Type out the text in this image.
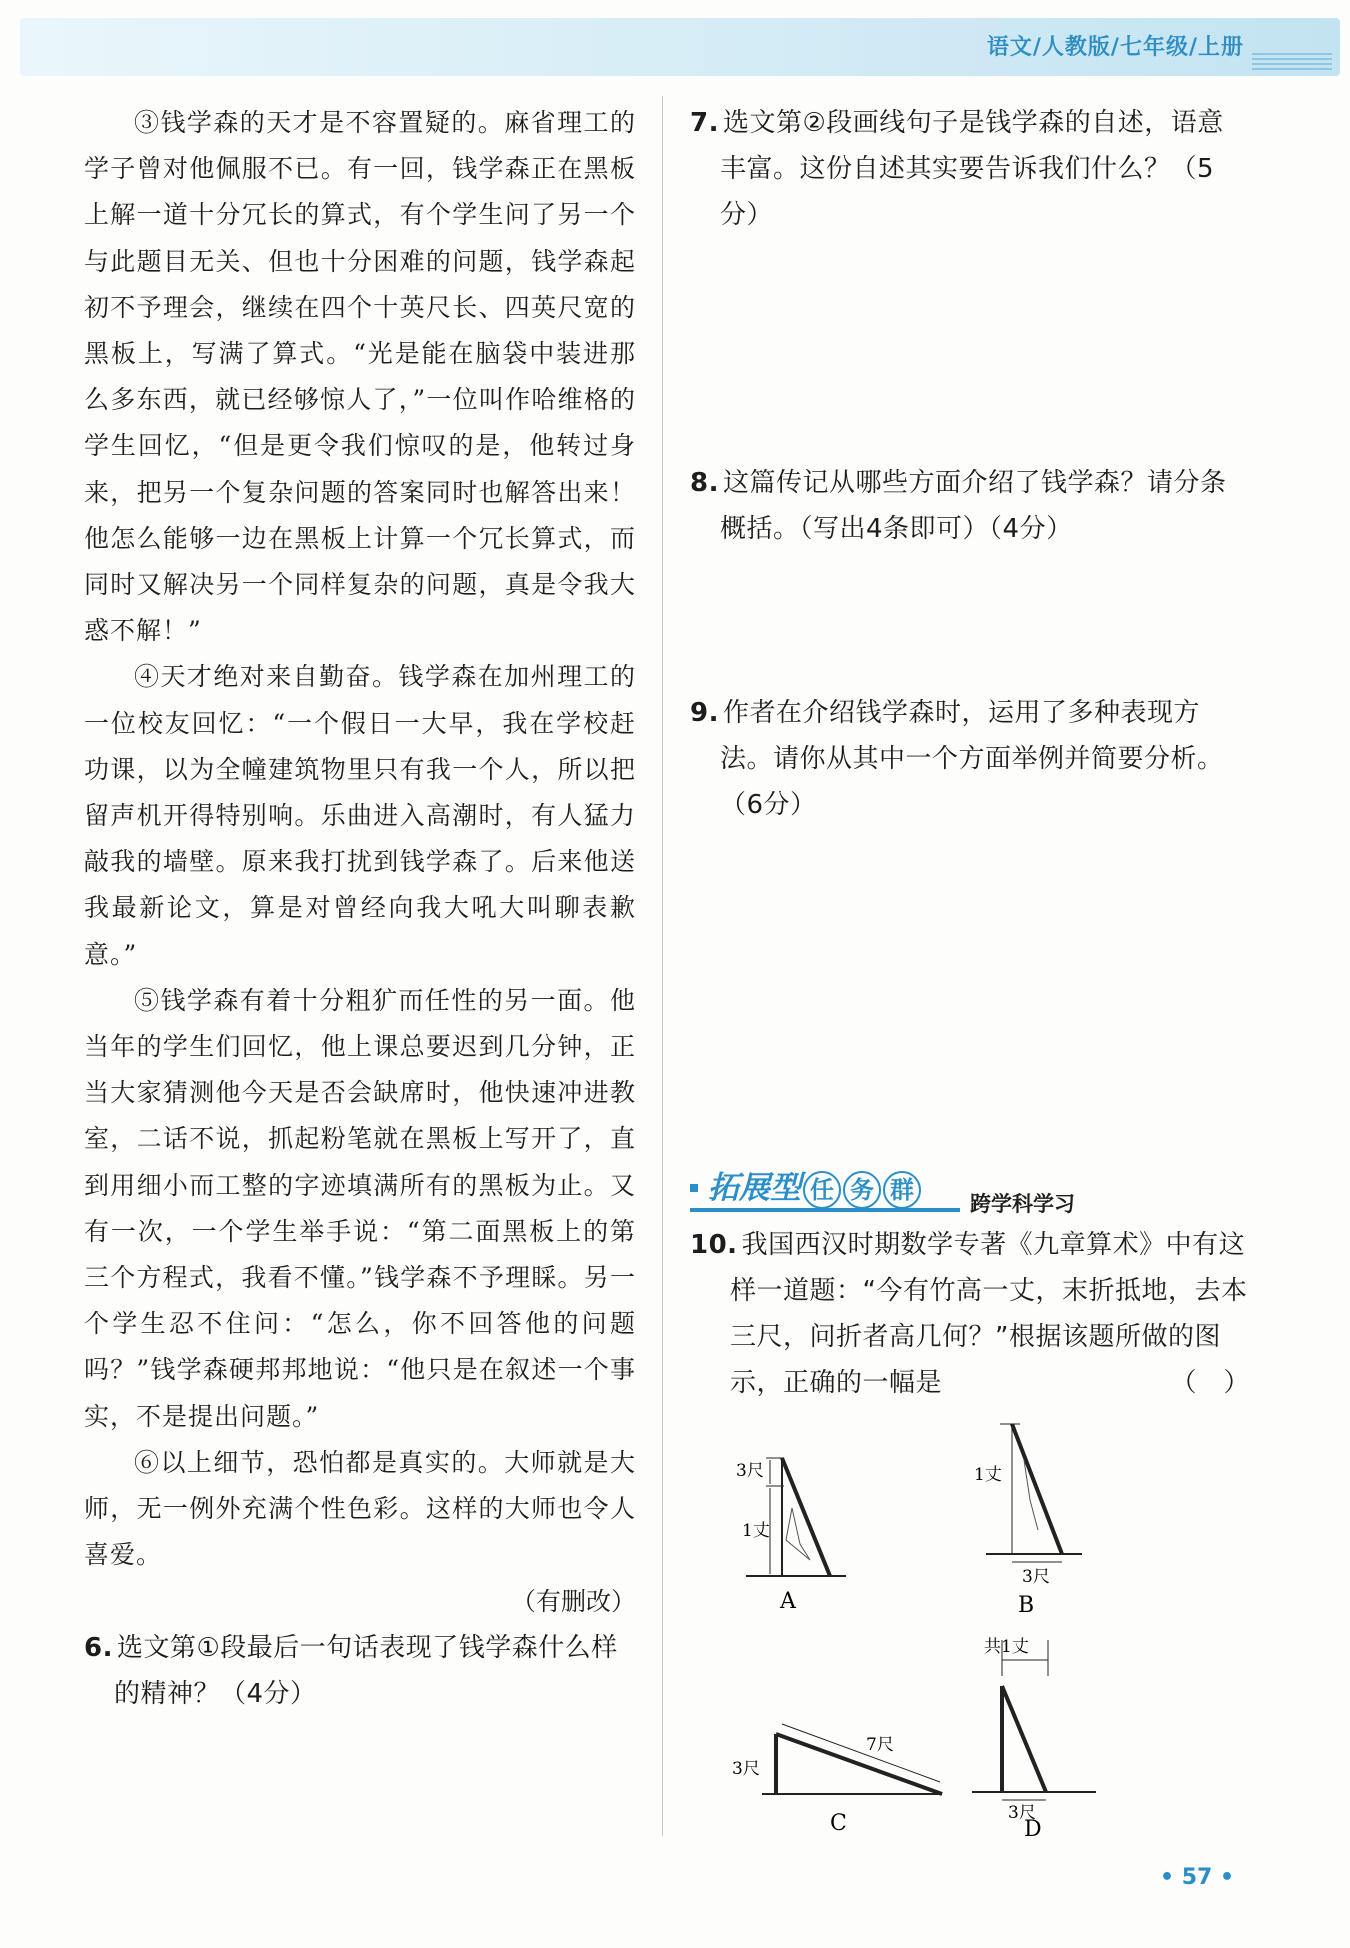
语文/人教版/七年级/上册

③钱学森的天才是不容置疑的。麻省理工的学子曾对他佩服不已。有一回，钱学森正在黑板上解一道十分冗长的算式，有个学生问了另一个与此题目无关、但也十分困难的问题，钱学森起初不予理会，继续在四个十英尺长、四英尺宽的黑板上，写满了算式。“光是能在脑袋中装进那么多东西，就已经够惊人了，”一位叫作哈维格的学生回忆，“但是更令我们惊叹的是，他转过身来，把另一个复杂问题的答案同时也解答出来！他怎么能够一边在黑板上计算一个冗长算式，而同时又解决另一个同样复杂的问题，真是令我大惑不解！”

④天才绝对来自勤奋。钱学森在加州理工的一位校友回忆：“一个假日一大早，我在学校赶功课，以为全幢建筑物里只有我一个人，所以把留声机开得特别响。乐曲进入高潮时，有人猛力敲我的墙壁。原来我打扰到钱学森了。后来他送我最新论文，算是对曾经向我大吼大叫聊表歉意。”

⑤钱学森有着十分粗犷而任性的另一面。他当年的学生们回忆，他上课总要迟到几分钟，正当大家猜测他今天是否会缺席时，他快速冲进教室，二话不说，抓起粉笔就在黑板上写开了，直到用细小而工整的字迹填满所有的黑板为止。又有一次，一个学生举手说：“第二面黑板上的第三个方程式，我看不懂。”钱学森不予理睬。另一个学生忍不住问：“怎么，你不回答他的问题吗？”钱学森硬邦邦地说：“他只是在叙述一个事实，不是提出问题。”

⑥以上细节，恐怕都是真实的。大师就是大师，无一例外充满个性色彩。这样的大师也令人喜爱。

（有删改）

6. 选文第①段最后一句话表现了钱学森什么样的精神？（4分）

7. 选文第②段画线句子是钱学森的自述，语意丰富。这份自述其实要告诉我们什么？（5分）

8. 这篇传记从哪些方面介绍了钱学森？请分条概括。（写出4条即可）（4分）

9. 作者在介绍钱学森时，运用了多种表现方法。请你从其中一个方面举例并简要分析。（6分）

拓展型 任 务 群
跨学科学习

10. 我国西汉时期数学专著《九章算术》中有这样一道题：“今有竹高一丈，末折抵地，去本三尺，问折者高几何？”根据该题所做的图示，正确的一幅是	（　）

3尺
1丈
A
1丈
3尺
B
3尺
7尺
C
共1丈
3尺
D
• 57 •
